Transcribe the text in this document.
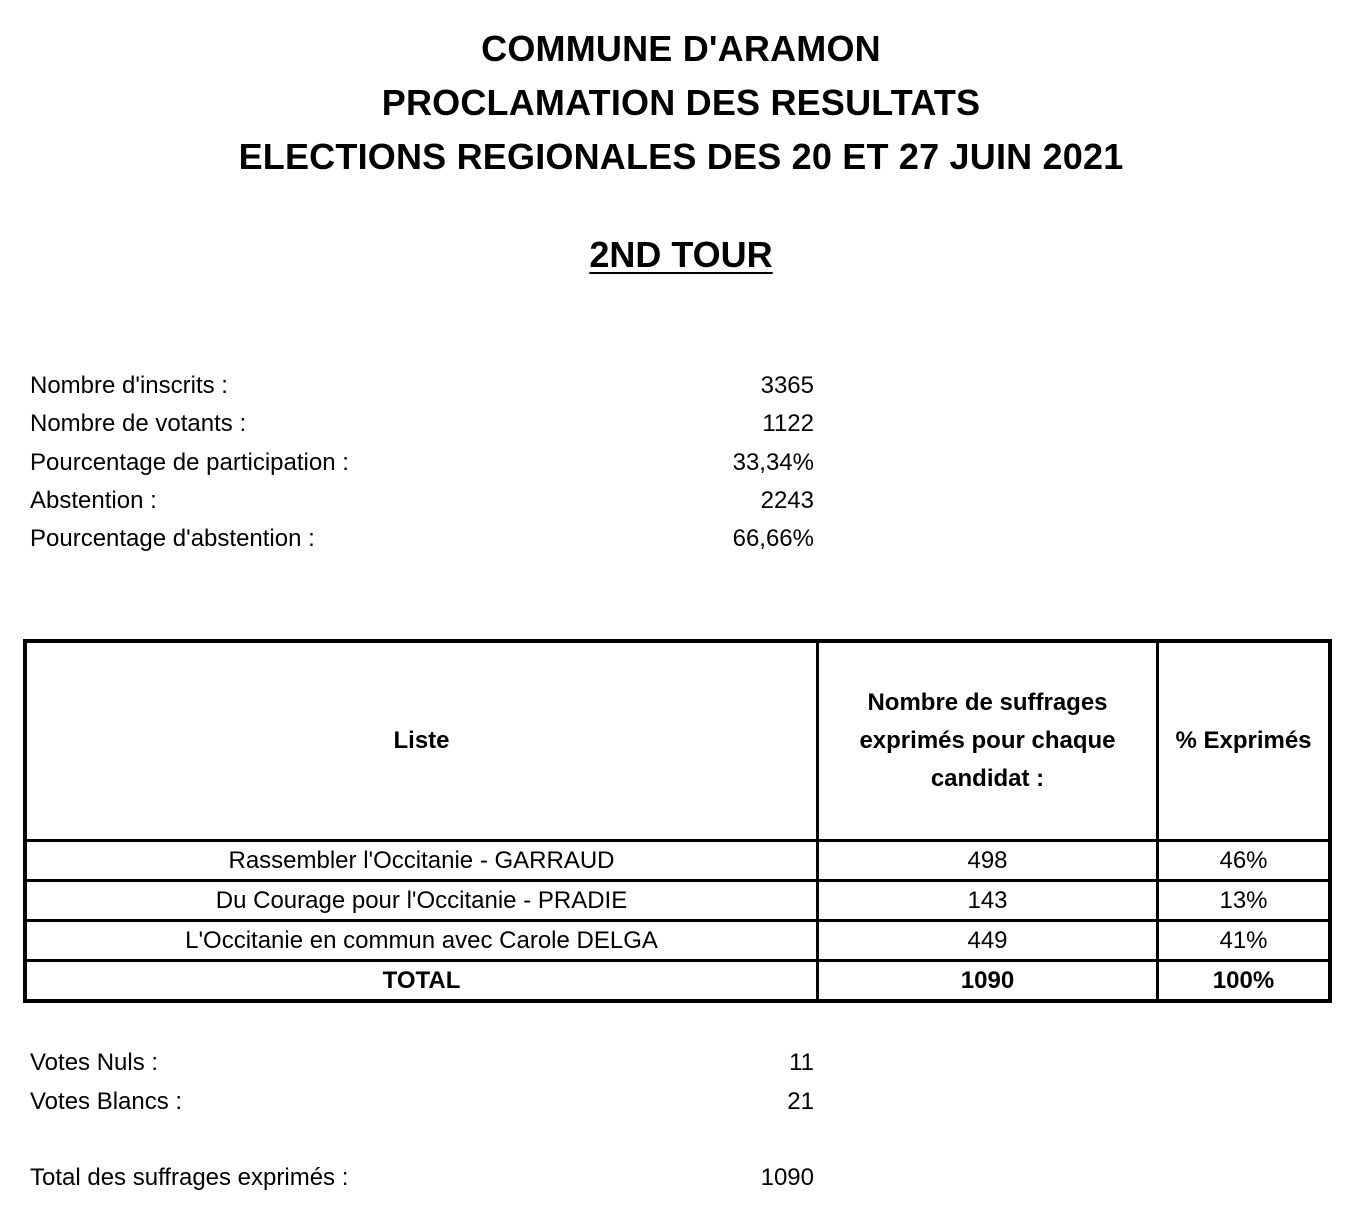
COMMUNE D'ARAMON
PROCLAMATION DES RESULTATS
ELECTIONS REGIONALES DES 20 ET 27 JUIN 2021
2ND TOUR
Nombre d'inscrits :	3365
Nombre de votants :	1122
Pourcentage de participation :	33,34%
Abstention :	2243
Pourcentage d'abstention :	66,66%
Liste	Nombre de suffrages exprimés pour chaque candidat :	% Exprimés
Rassembler l'Occitanie - GARRAUD	498	46%
Du Courage pour l'Occitanie - PRADIE	143	13%
L'Occitanie en commun avec Carole DELGA	449	41%
TOTAL	1090	100%
Votes Nuls :	11
Votes Blancs :	21
Total des suffrages exprimés :	1090
